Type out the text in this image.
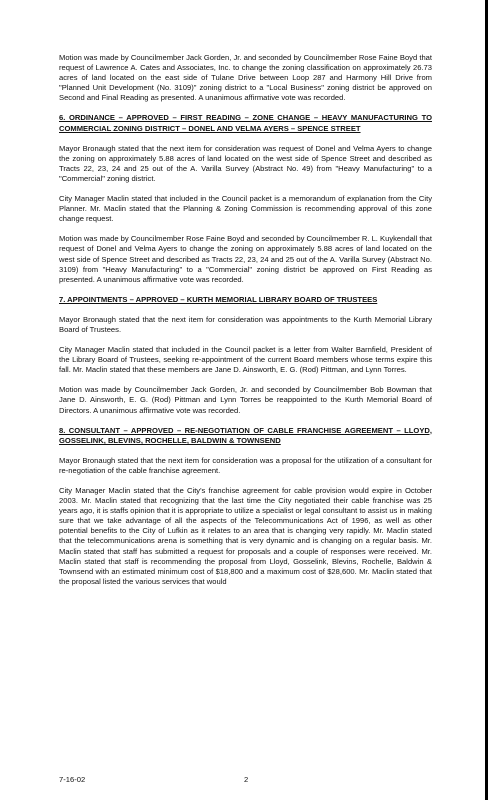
Motion was made by Councilmember Jack Gorden, Jr. and seconded by Councilmember Rose Faine Boyd that request of Lawrence A. Cates and Associates, Inc. to change the zoning classification on approximately 26.73 acres of land located on the east side of Tulane Drive between Loop 287 and Harmony Hill Drive from "Planned Unit Development (No. 3109)" zoning district to a "Local Business" zoning district be approved on Second and Final Reading as presented. A unanimous affirmative vote was recorded.

6. ORDINANCE – APPROVED – FIRST READING – ZONE CHANGE – HEAVY MANUFACTURING TO COMMERCIAL ZONING DISTRICT – DONEL AND VELMA AYERS – SPENCE STREET

Mayor Bronaugh stated that the next item for consideration was request of Donel and Velma Ayers to change the zoning on approximately 5.88 acres of land located on the west side of Spence Street and described as Tracts 22, 23, 24 and 25 out of the A. Varilla Survey (Abstract No. 49) from "Heavy Manufacturing" to a "Commercial" zoning district.

City Manager Maclin stated that included in the Council packet is a memorandum of explanation from the City Planner. Mr. Maclin stated that the Planning & Zoning Commission is recommending approval of this zone change request.

Motion was made by Councilmember Rose Faine Boyd and seconded by Councilmember R. L. Kuykendall that request of Donel and Velma Ayers to change the zoning on approximately 5.88 acres of land located on the west side of Spence Street and described as Tracts 22, 23, 24 and 25 out of the A. Varilla Survey (Abstract No. 3109) from "Heavy Manufacturing" to a "Commercial" zoning district be approved on First Reading as presented. A unanimous affirmative vote was recorded.

7. APPOINTMENTS – APPROVED – KURTH MEMORIAL LIBRARY BOARD OF TRUSTEES

Mayor Bronaugh stated that the next item for consideration was appointments to the Kurth Memorial Library Board of Trustees.

City Manager Maclin stated that included in the Council packet is a letter from Walter Barnfield, President of the Library Board of Trustees, seeking re-appointment of the current Board members whose terms expire this fall. Mr. Maclin stated that these members are Jane D. Ainsworth, E. G. (Rod) Pittman, and Lynn Torres.

Motion was made by Councilmember Jack Gorden, Jr. and seconded by Councilmember Bob Bowman that Jane D. Ainsworth, E. G. (Rod) Pittman and Lynn Torres be reappointed to the Kurth Memorial Board of Directors. A unanimous affirmative vote was recorded.

8. CONSULTANT – APPROVED – RE-NEGOTIATION OF CABLE FRANCHISE AGREEMENT – LLOYD, GOSSELINK, BLEVINS, ROCHELLE, BALDWIN & TOWNSEND

Mayor Bronaugh stated that the next item for consideration was a proposal for the utilization of a consultant for re-negotiation of the cable franchise agreement.

City Manager Maclin stated that the City's franchise agreement for cable provision would expire in October 2003. Mr. Maclin stated that recognizing that the last time the City negotiated their cable franchise was 25 years ago, it is staffs opinion that it is appropriate to utilize a specialist or legal consultant to assist us in making sure that we take advantage of all the aspects of the Telecommunications Act of 1996, as well as other potential benefits to the City of Lufkin as it relates to an area that is changing very rapidly. Mr. Maclin stated that the telecommunications arena is something that is very dynamic and is changing on a regular basis. Mr. Maclin stated that staff has submitted a request for proposals and a couple of responses were received. Mr. Maclin stated that staff is recommending the proposal from Lloyd, Gosselink, Blevins, Rochelle, Baldwin & Townsend with an estimated minimum cost of $18,800 and a maximum cost of $28,600. Mr. Maclin stated that the proposal listed the various services that would

7-16-02	2
